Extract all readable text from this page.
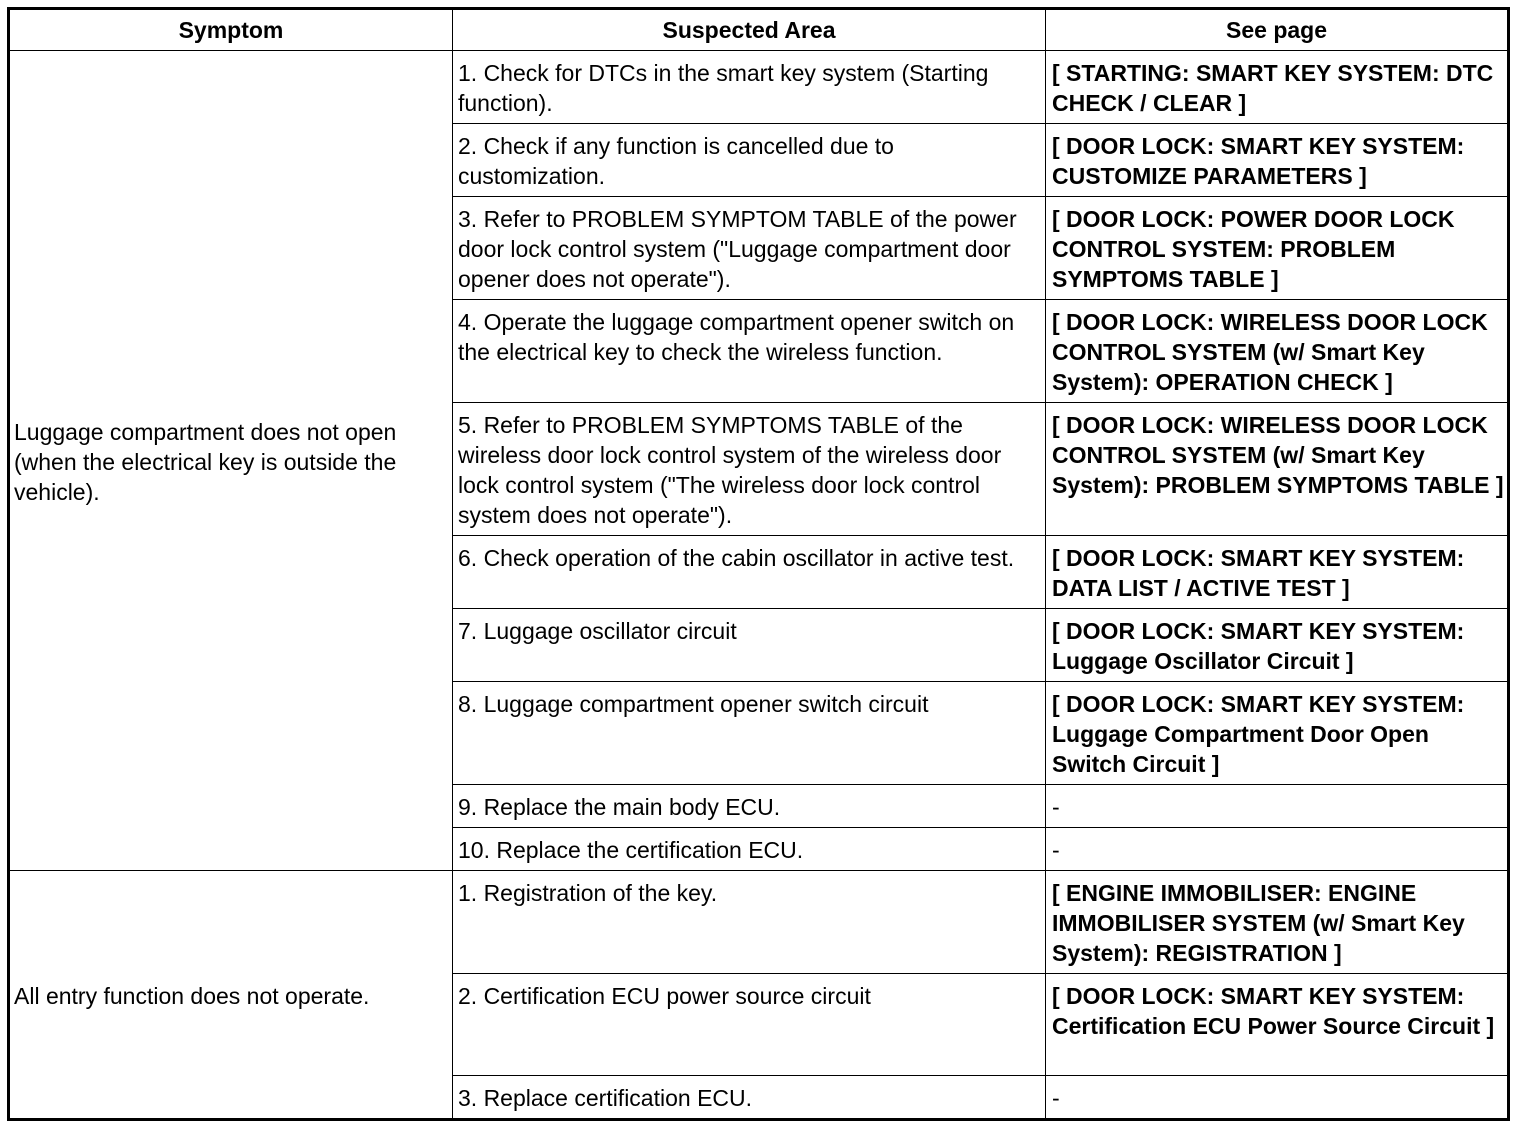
Symptom	Suspected Area	See page
Luggage compartment does not open (when the electrical key is outside the vehicle).	1. Check for DTCs in the smart key system (Starting function).	[ STARTING: SMART KEY SYSTEM: DTC CHECK / CLEAR ]
	2. Check if any function is cancelled due to customization.	[ DOOR LOCK: SMART KEY SYSTEM: CUSTOMIZE PARAMETERS ]
	3. Refer to PROBLEM SYMPTOM TABLE of the power door lock control system ("Luggage compartment door opener does not operate").	[ DOOR LOCK: POWER DOOR LOCK CONTROL SYSTEM: PROBLEM SYMPTOMS TABLE ]
	4. Operate the luggage compartment opener switch on the electrical key to check the wireless function.	[ DOOR LOCK: WIRELESS DOOR LOCK CONTROL SYSTEM (w/ Smart Key System): OPERATION CHECK ]
	5. Refer to PROBLEM SYMPTOMS TABLE of the wireless door lock control system of the wireless door lock control system ("The wireless door lock control system does not operate").	[ DOOR LOCK: WIRELESS DOOR LOCK CONTROL SYSTEM (w/ Smart Key System): PROBLEM SYMPTOMS TABLE ]
	6. Check operation of the cabin oscillator in active test.	[ DOOR LOCK: SMART KEY SYSTEM: DATA LIST / ACTIVE TEST ]
	7. Luggage oscillator circuit	[ DOOR LOCK: SMART KEY SYSTEM: Luggage Oscillator Circuit ]
	8. Luggage compartment opener switch circuit	[ DOOR LOCK: SMART KEY SYSTEM: Luggage Compartment Door Open Switch Circuit ]
	9. Replace the main body ECU.	-
	10. Replace the certification ECU.	-
All entry function does not operate.	1. Registration of the key.	[ ENGINE IMMOBILISER: ENGINE IMMOBILISER SYSTEM (w/ Smart Key System): REGISTRATION ]
	2. Certification ECU power source circuit	[ DOOR LOCK: SMART KEY SYSTEM: Certification ECU Power Source Circuit ]
	3. Replace certification ECU.	-
